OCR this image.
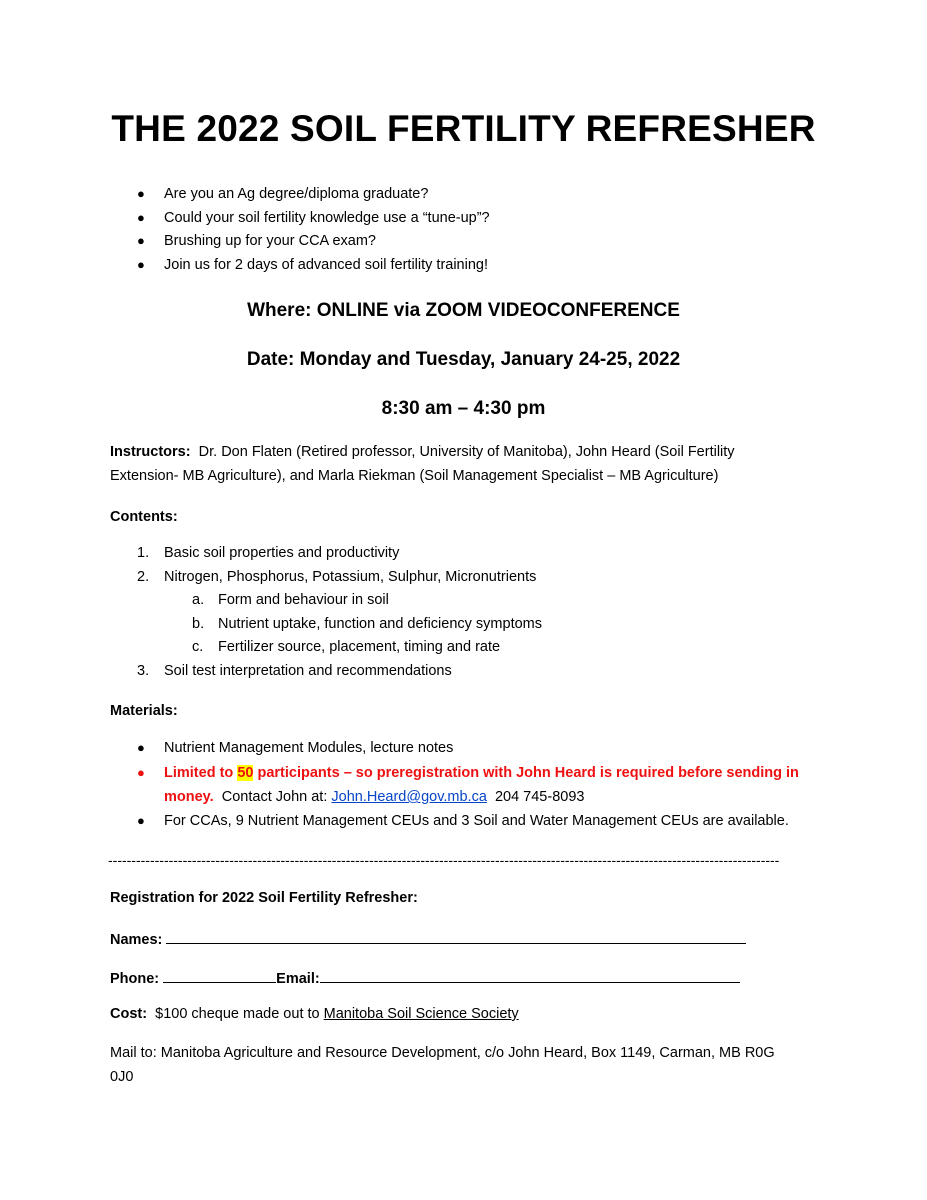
THE 2022 SOIL FERTILITY REFRESHER
● Are you an Ag degree/diploma graduate?
● Could your soil fertility knowledge use a “tune-up”?
● Brushing up for your CCA exam?
● Join us for 2 days of advanced soil fertility training!
Where: ONLINE via ZOOM VIDEOCONFERENCE
Date: Monday and Tuesday, January 24-25, 2022
8:30 am – 4:30 pm
Instructors: Dr. Don Flaten (Retired professor, University of Manitoba), John Heard (Soil Fertility
Extension- MB Agriculture), and Marla Riekman (Soil Management Specialist – MB Agriculture)
Contents:
1. Basic soil properties and productivity
2. Nitrogen, Phosphorus, Potassium, Sulphur, Micronutrients
a. Form and behaviour in soil
b. Nutrient uptake, function and deficiency symptoms
c. Fertilizer source, placement, timing and rate
3. Soil test interpretation and recommendations
Materials:
● Nutrient Management Modules, lecture notes
● Limited to 50 participants – so preregistration with John Heard is required before sending in
money. Contact John at: John.Heard@gov.mb.ca 204 745-8093
● For CCAs, 9 Nutrient Management CEUs and 3 Soil and Water Management CEUs are available.
------------------------------------------------------------------------------------------------------------------------------------------------
Registration for 2022 Soil Fertility Refresher:
Names:
Phone:	Email:
Cost: $100 cheque made out to Manitoba Soil Science Society
Mail to: Manitoba Agriculture and Resource Development, c/o John Heard, Box 1149, Carman, MB R0G
0J0
